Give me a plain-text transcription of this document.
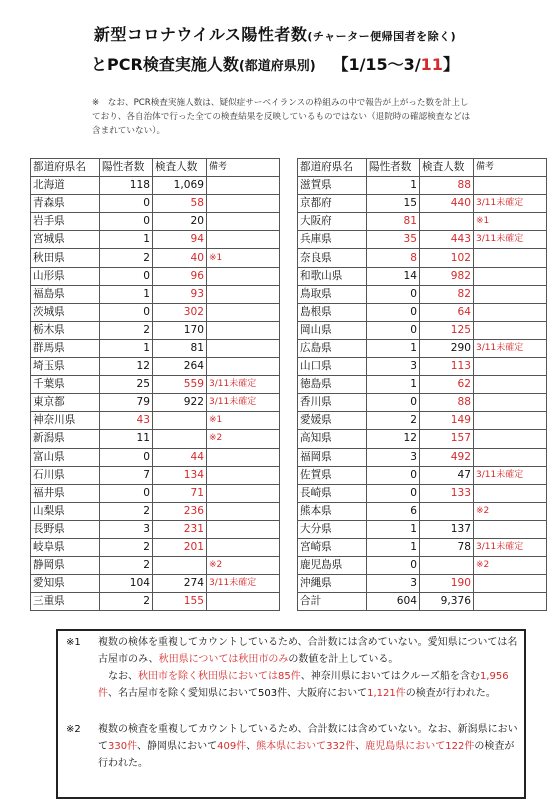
新型コロナウイルス陽性者数(チャーター便帰国者を除く)
とPCR検査実施人数(都道府県別) 【1/15〜3/11】
※　なお、PCR検査実施人数は、疑似症サーベイランスの枠組みの中で報告が上がった数を計上しており、各自治体で行った全ての検査結果を反映しているものではない（退院時の確認検査などは含まれていない）。
都道府県名	陽性者数	検査人数	備考
北海道	118	1,069	
青森県	0	58	
岩手県	0	20	
宮城県	1	94	
秋田県	2	40	※1
山形県	0	96	
福島県	1	93	
茨城県	0	302	
栃木県	2	170	
群馬県	1	81	
埼玉県	12	264	
千葉県	25	559	3/11未確定
東京都	79	922	3/11未確定
神奈川県	43		※1
新潟県	11		※2
富山県	0	44	
石川県	7	134	
福井県	0	71	
山梨県	2	236	
長野県	3	231	
岐阜県	2	201	
静岡県	2		※2
愛知県	104	274	3/11未確定
三重県	2	155	
都道府県名	陽性者数	検査人数	備考
滋賀県	1	88	
京都府	15	440	3/11未確定
大阪府	81		※1
兵庫県	35	443	3/11未確定
奈良県	8	102	
和歌山県	14	982	
鳥取県	0	82	
島根県	0	64	
岡山県	0	125	
広島県	1	290	3/11未確定
山口県	3	113	
徳島県	1	62	
香川県	0	88	
愛媛県	2	149	
高知県	12	157	
福岡県	3	492	
佐賀県	0	47	3/11未確定
長崎県	0	133	
熊本県	6		※2
大分県	1	137	
宮崎県	1	78	3/11未確定
鹿児島県	0		※2
沖縄県	3	190	
合計	604	9,376	
※1	複数の検体を重複してカウントしているため、合計数には含めていない。愛知県については名古屋市のみ、秋田県については秋田市のみの数値を計上している。
　なお、秋田市を除く秋田県においては85件、神奈川県においてはクルーズ船を含む1,956件、名古屋市を除く愛知県において503件、大阪府において1,121件の検査が行われた。
※2	複数の検査を重複してカウントしているため、合計数には含めていない。なお、新潟県において330件、静岡県において409件、熊本県において332件、鹿児島県において122件の検査が行われた。
